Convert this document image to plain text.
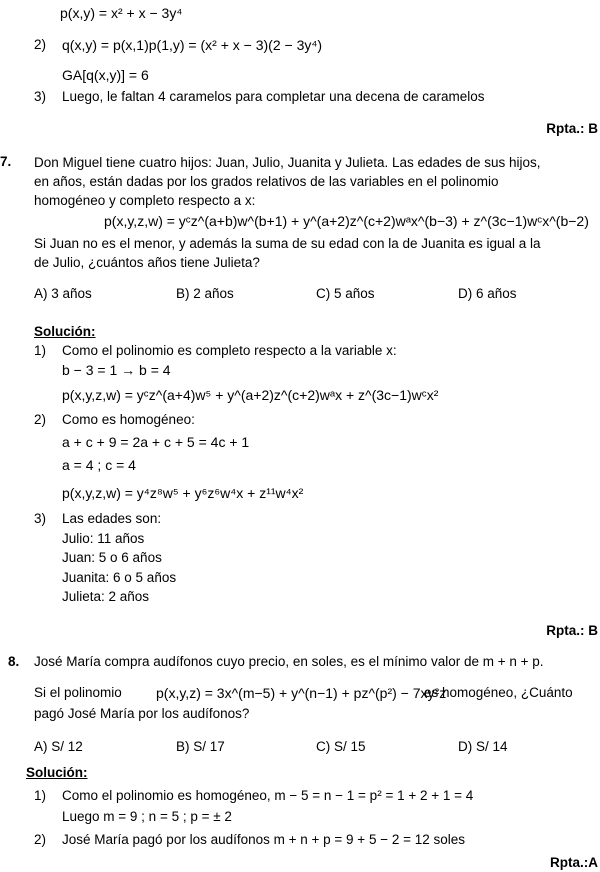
p(x,y) = x² + x − 3y⁴
2) q(x,y) = p(x,1)p(1,y) = (x² + x − 3)(2 − 3y⁴)
GA[q(x,y)] = 6
3) Luego, le faltan 4 caramelos para completar una decena de caramelos
Rpta.: B
7. Don Miguel tiene cuatro hijos: Juan, Julio, Juanita y Julieta. Las edades de sus hijos,
en años, están dadas por los grados relativos de las variables en el polinomio
homogéneo y completo respecto a x:
p(x,y,z,w) = yᶜz^(a+b)w^(b+1) + y^(a+2)z^(c+2)wᵃx^(b−3) + z^(3c−1)wᶜx^(b−2)
Si Juan no es el menor, y además la suma de su edad con la de Juanita es igual a la
de Julio, ¿cuántos años tiene Julieta?
A) 3 años	B) 2 años	C) 5 años	D) 6 años
Solución:
1) Como el polinomio es completo respecto a la variable x:
b − 3 = 1 → b = 4
p(x,y,z,w) = yᶜz^(a+4)w⁵ + y^(a+2)z^(c+2)wᵃx + z^(3c−1)wᶜx²
2) Como es homogéneo:
a + c + 9 = 2a + c + 5 = 4c + 1
a = 4 ; c = 4
p(x,y,z,w) = y⁴z⁸w⁵ + y⁶z⁶w⁴x + z¹¹w⁴x²
3) Las edades son:
Julio: 11 años
Juan: 5 o 6 años
Juanita: 6 o 5 años
Julieta: 2 años
Rpta.: B
8. José María compra audífonos cuyo precio, en soles, es el mínimo valor de m + n + p.
Si el polinomio p(x,y,z) = 3x^(m−5) + y^(n−1) + pz^(p²) − 7xy²z
es homogéneo, ¿Cuánto
pagó José María por los audífonos?
A) S/ 12	B) S/ 17	C) S/ 15	D) S/ 14
Solución:
1) Como el polinomio es homogéneo, m − 5 = n − 1 = p² = 1 + 2 + 1 = 4
Luego m = 9 ; n = 5 ; p = ± 2
2) José María pagó por los audífonos m + n + p = 9 + 5 − 2 = 12 soles
Rpta.:A
